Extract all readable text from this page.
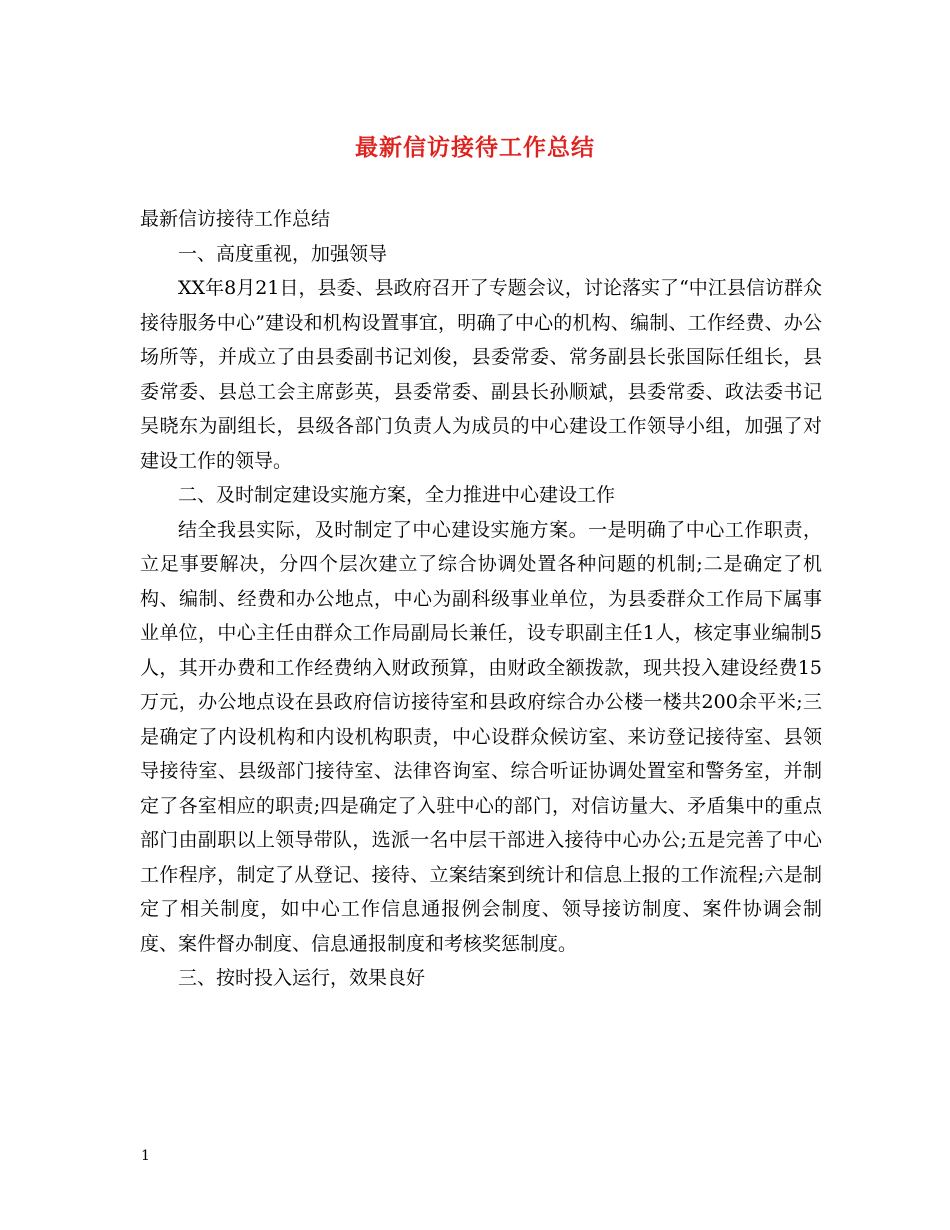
最新信访接待工作总结

最新信访接待工作总结

一、高度重视，加强领导

XX年8月21日，县委、县政府召开了专题会议，讨论落实了“中江县信访群众接待服务中心”建设和机构设置事宜，明确了中心的机构、编制、工作经费、办公场所等，并成立了由县委副书记刘俊，县委常委、常务副县长张国际任组长，县委常委、县总工会主席彭英，县委常委、副县长孙顺斌，县委常委、政法委书记吴晓东为副组长，县级各部门负责人为成员的中心建设工作领导小组，加强了对建设工作的领导。

二、及时制定建设实施方案，全力推进中心建设工作

结全我县实际，及时制定了中心建设实施方案。一是明确了中心工作职责，立足事要解决，分四个层次建立了综合协调处置各种问题的机制;二是确定了机构、编制、经费和办公地点，中心为副科级事业单位，为县委群众工作局下属事业单位，中心主任由群众工作局副局长兼任，设专职副主任1人，核定事业编制5人，其开办费和工作经费纳入财政预算，由财政全额拨款，现共投入建设经费15万元，办公地点设在县政府信访接待室和县政府综合办公楼一楼共200余平米;三是确定了内设机构和内设机构职责，中心设群众候访室、来访登记接待室、县领导接待室、县级部门接待室、法律咨询室、综合听证协调处置室和警务室，并制定了各室相应的职责;四是确定了入驻中心的部门，对信访量大、矛盾集中的重点部门由副职以上领导带队，选派一名中层干部进入接待中心办公;五是完善了中心工作程序，制定了从登记、接待、立案结案到统计和信息上报的工作流程;六是制定了相关制度，如中心工作信息通报例会制度、领导接访制度、案件协调会制度、案件督办制度、信息通报制度和考核奖惩制度。

三、按时投入运行，效果良好

1
